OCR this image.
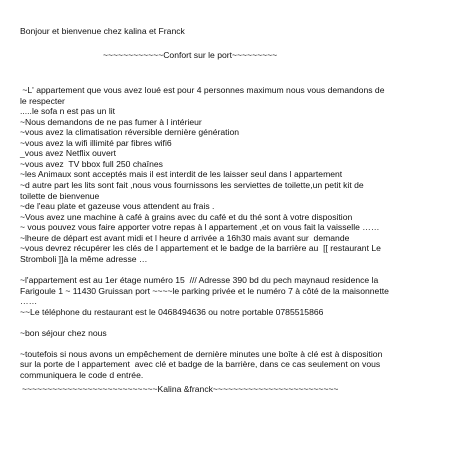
Bonjour et bienvenue chez kalina et Franck
~~~~~~~~~~~~Confort sur le port~~~~~~~~~
~L' appartement que vous avez loué est pour 4 personnes maximum nous vous demandons de
le respecter
.....le sofa n est pas un lit
~Nous demandons de ne pas fumer à l intérieur
~vous avez la climatisation réversible dernière génération
~vous avez la wifi illimité par fibres wifi6
_vous avez Netflix ouvert
~vous avez  TV bbox full 250 chaînes
~les Animaux sont acceptés mais il est interdit de les laisser seul dans l appartement
~d autre part les lits sont fait ,nous vous fournissons les serviettes de toilette,un petit kit de
toilette de bienvenue
~de l'eau plate et gazeuse vous attendent au frais .
~Vous avez une machine à café à grains avec du café et du thé sont à votre disposition
~ vous pouvez vous faire apporter votre repas à l appartement ,et on vous fait la vaisselle ……
~lheure de départ est avant midi et l heure d arrivée a 16h30 mais avant sur  demande
~vous devrez récupérer les clés de l appartement et le badge de la barrière au  [[ restaurant Le
Stromboli ]]à la même adresse …
~l'appartement est au 1er étage numéro 15  /// Adresse 390 bd du pech maynaud residence la
Farigoule 1 ~ 11430 Gruissan port ~~~~le parking privée et le numéro 7 à côté de la maisonnette
……
~~Le téléphone du restaurant est le 0468494636 ou notre portable 0785515866
~bon séjour chez nous
~toutefois si nous avons un empêchement de dernière minutes une boîte à clé est à disposition
sur la porte de l appartement  avec clé et badge de la barrière, dans ce cas seulement on vous
communiquera le code d entrée.
~~~~~~~~~~~~~~~~~~~~~~~~~~~Kalina &franck~~~~~~~~~~~~~~~~~~~~~~~~~
